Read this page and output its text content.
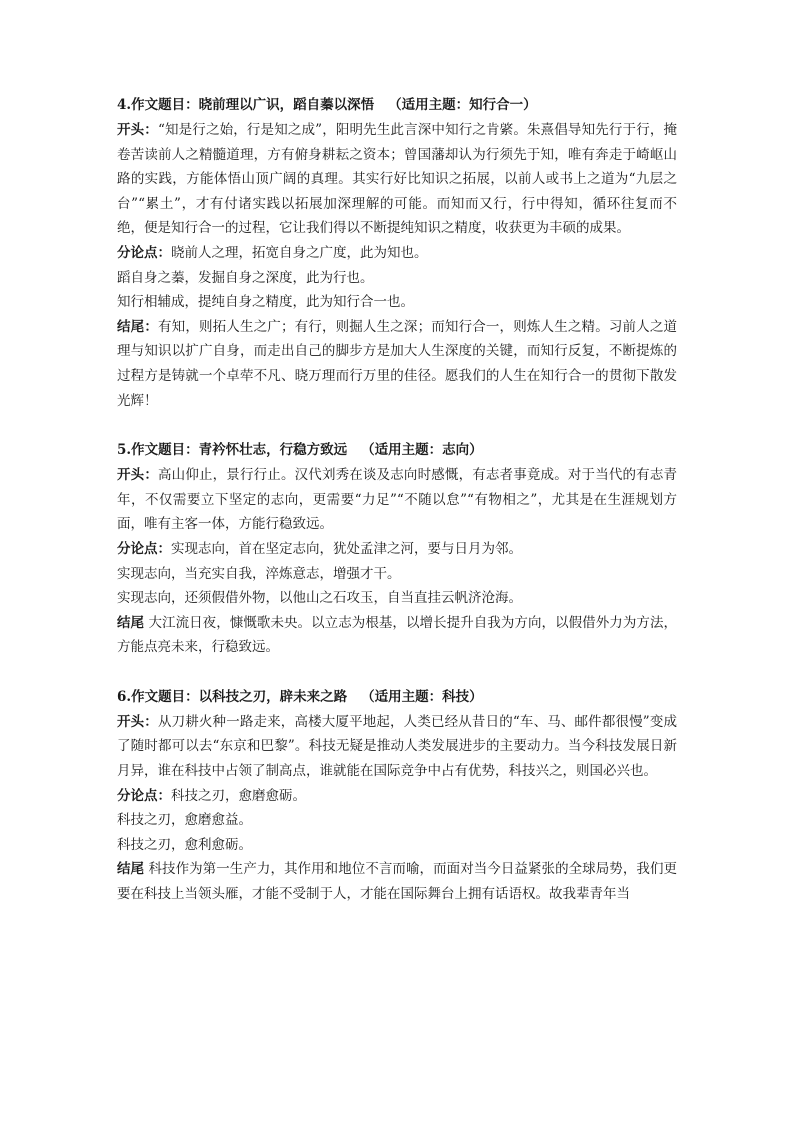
4.作文题目：晓前理以广识，蹈自蓁以深悟 （适用主题：知行合一）

开头：“知是行之始，行是知之成”，阳明先生此言深中知行之肯綮。朱熹倡导知先行于行，掩卷苦读前人之精髓道理，方有俯身耕耘之资本；曾国藩却认为行须先于知，唯有奔走于崎岖山路的实践，方能体悟山顶广阔的真理。其实行好比知识之拓展，以前人或书上之道为“九层之台”“累土”，才有付诸实践以拓展加深理解的可能。而知而又行，行中得知，循环往复而不绝，便是知行合一的过程，它让我们得以不断提纯知识之精度，收获更为丰硕的成果。

分论点：晓前人之理，拓宽自身之广度，此为知也。

蹈自身之蓁，发掘自身之深度，此为行也。

知行相辅成，提纯自身之精度，此为知行合一也。

结尾：有知，则拓人生之广；有行，则掘人生之深；而知行合一，则炼人生之精。习前人之道理与知识以扩广自身，而走出自己的脚步方是加大人生深度的关键，而知行反复，不断提炼的过程方是铸就一个卓荦不凡、晓万理而行万里的佳径。愿我们的人生在知行合一的贯彻下散发光辉！

5.作文题目：青衿怀壮志，行稳方致远 （适用主题：志向）

开头：高山仰止，景行行止。汉代刘秀在谈及志向时感慨，有志者事竟成。对于当代的有志青年，不仅需要立下坚定的志向，更需要“力足”“不随以怠”“有物相之”，尤其是在生涯规划方面，唯有主客一体，方能行稳致远。

分论点：实现志向，首在坚定志向，犹处孟津之河，要与日月为邻。

实现志向，当充实自我，淬炼意志，增强才干。

实现志向，还须假借外物，以他山之石攻玉，自当直挂云帆济沧海。

结尾 大江流日夜，慷慨歌未央。以立志为根基，以增长提升自我为方向，以假借外力为方法，方能点亮未来，行稳致远。

6.作文题目：以科技之刃，辟未来之路 （适用主题：科技）

开头：从刀耕火种一路走来，高楼大厦平地起，人类已经从昔日的“车、马、邮件都很慢”变成了随时都可以去“东京和巴黎”。科技无疑是推动人类发展进步的主要动力。当今科技发展日新月异，谁在科技中占领了制高点，谁就能在国际竞争中占有优势，科技兴之，则国必兴也。

分论点：科技之刃，愈磨愈砺。

科技之刃，愈磨愈益。

科技之刃，愈利愈砺。

结尾 科技作为第一生产力，其作用和地位不言而喻，而面对当今日益紧张的全球局势，我们更要在科技上当领头雁，才能不受制于人，才能在国际舞台上拥有话语权。故我辈青年当
